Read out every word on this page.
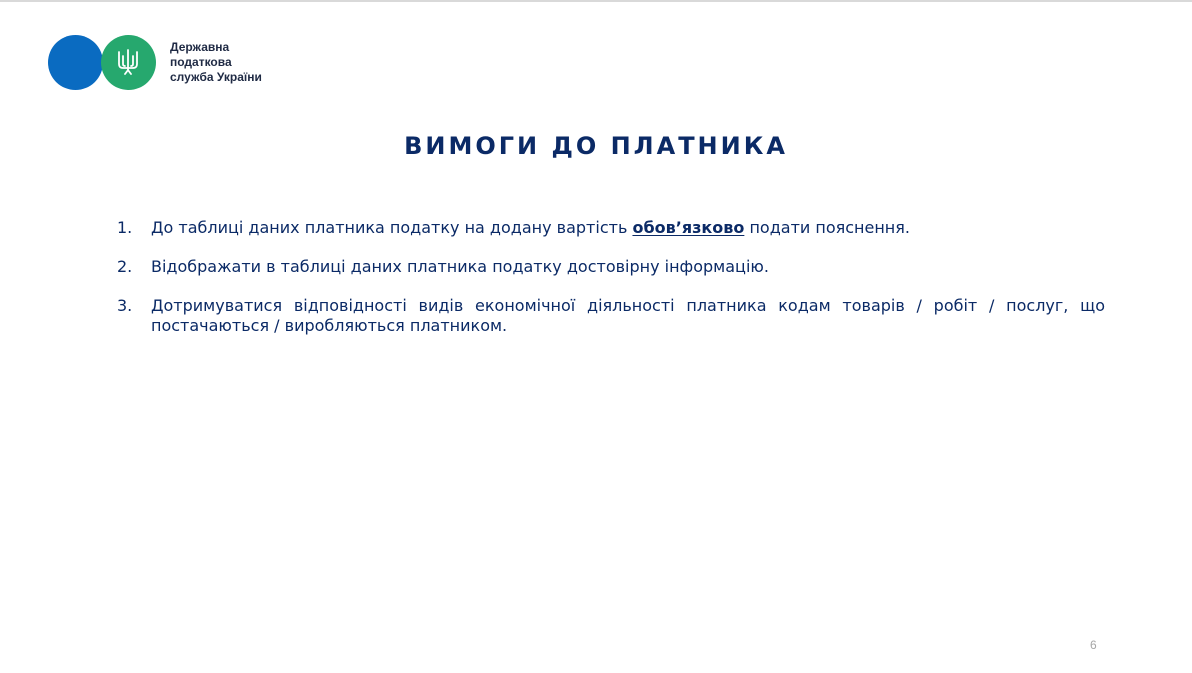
Державна
податкова
служба України
ВИМОГИ ДО ПЛАТНИКА
1.	До таблиці даних платника податку на додану вартість обов’язково подати пояснення.
2.	Відображати в таблиці даних платника податку достовірну інформацію.
3.	Дотримуватися відповідності видів економічної діяльності платника кодам товарів / робіт / послуг, що постачаються / виробляються платником.
6
